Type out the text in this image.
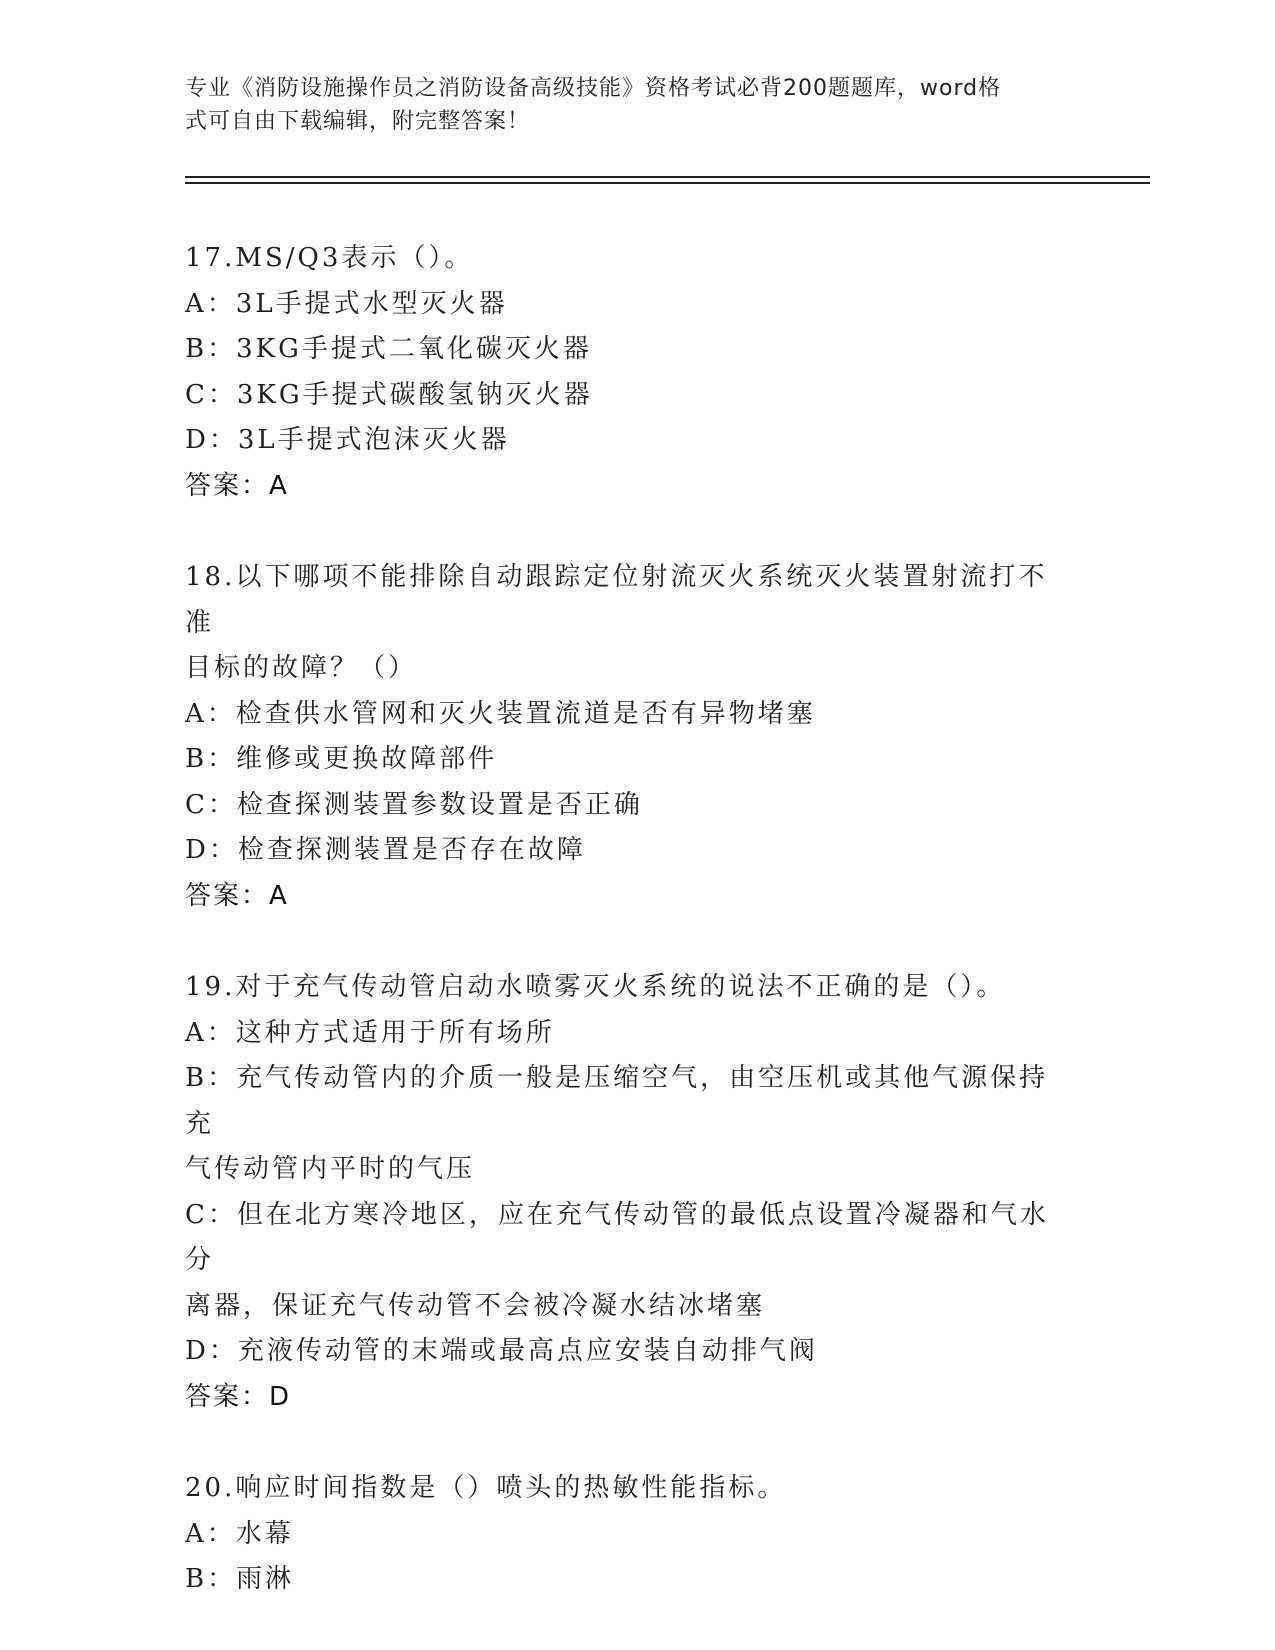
专业《消防设施操作员之消防设备高级技能》资格考试必背200题题库，word格
式可自由下载编辑，附完整答案！
17.MS/Q3表示（）。
A：3L手提式水型灭火器
B：3KG手提式二氧化碳灭火器
C：3KG手提式碳酸氢钠灭火器
D：3L手提式泡沫灭火器
答案：A
18.以下哪项不能排除自动跟踪定位射流灭火系统灭火装置射流打不准
目标的故障？（）
A：检查供水管网和灭火装置流道是否有异物堵塞
B：维修或更换故障部件
C：检查探测装置参数设置是否正确
D：检查探测装置是否存在故障
答案：A
19.对于充气传动管启动水喷雾灭火系统的说法不正确的是（）。
A：这种方式适用于所有场所
B：充气传动管内的介质一般是压缩空气，由空压机或其他气源保持充
气传动管内平时的气压
C：但在北方寒冷地区，应在充气传动管的最低点设置冷凝器和气水分
离器，保证充气传动管不会被冷凝水结冰堵塞
D：充液传动管的末端或最高点应安装自动排气阀
答案：D
20.响应时间指数是（）喷头的热敏性能指标。
A：水幕
B：雨淋
